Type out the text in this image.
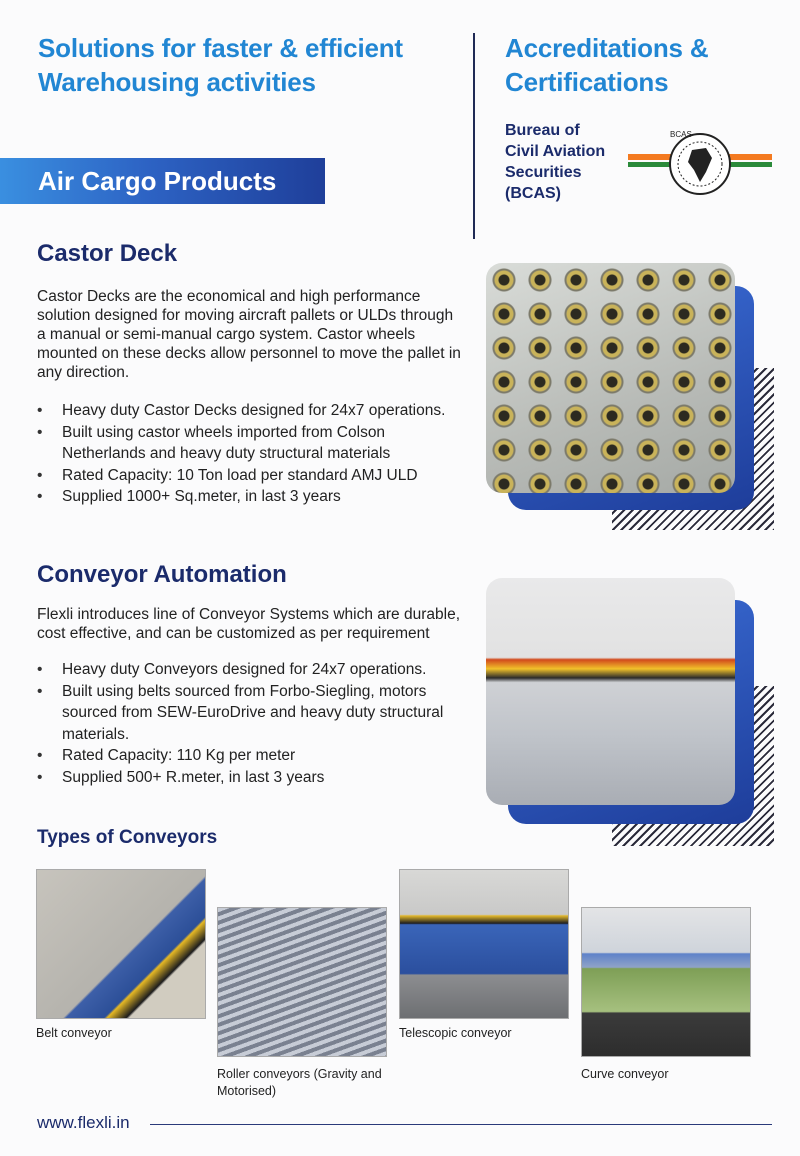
Solutions for faster & efficient
Warehousing activities
Accreditations &
Certifications
Bureau of
Civil Aviation
Securities
(BCAS)
BCAS
Air Cargo Products
Castor Deck
Castor Decks are the economical and high performance
solution designed for moving aircraft pallets or ULDs through
a manual or semi-manual cargo system. Castor wheels
mounted on these decks allow personnel to move the pallet in
any direction.
• Heavy duty Castor Decks designed for 24x7 operations.
• Built using castor wheels imported from Colson
Netherlands and heavy duty structural materials
• Rated Capacity: 10 Ton load per standard AMJ ULD
• Supplied 1000+ Sq.meter, in last 3 years
Conveyor Automation
Flexli introduces line of Conveyor Systems which are durable,
cost effective, and can be customized as per requirement
• Heavy duty Conveyors designed for 24x7 operations.
• Built using belts sourced from Forbo-Siegling, motors
sourced from SEW-EuroDrive and heavy duty structural
materials.
• Rated Capacity: 110 Kg per meter
• Supplied 500+ R.meter, in last 3 years
Types of Conveyors
Belt conveyor
Roller conveyors (Gravity and
Motorised)
Telescopic conveyor
Curve conveyor
www.flexli.in
